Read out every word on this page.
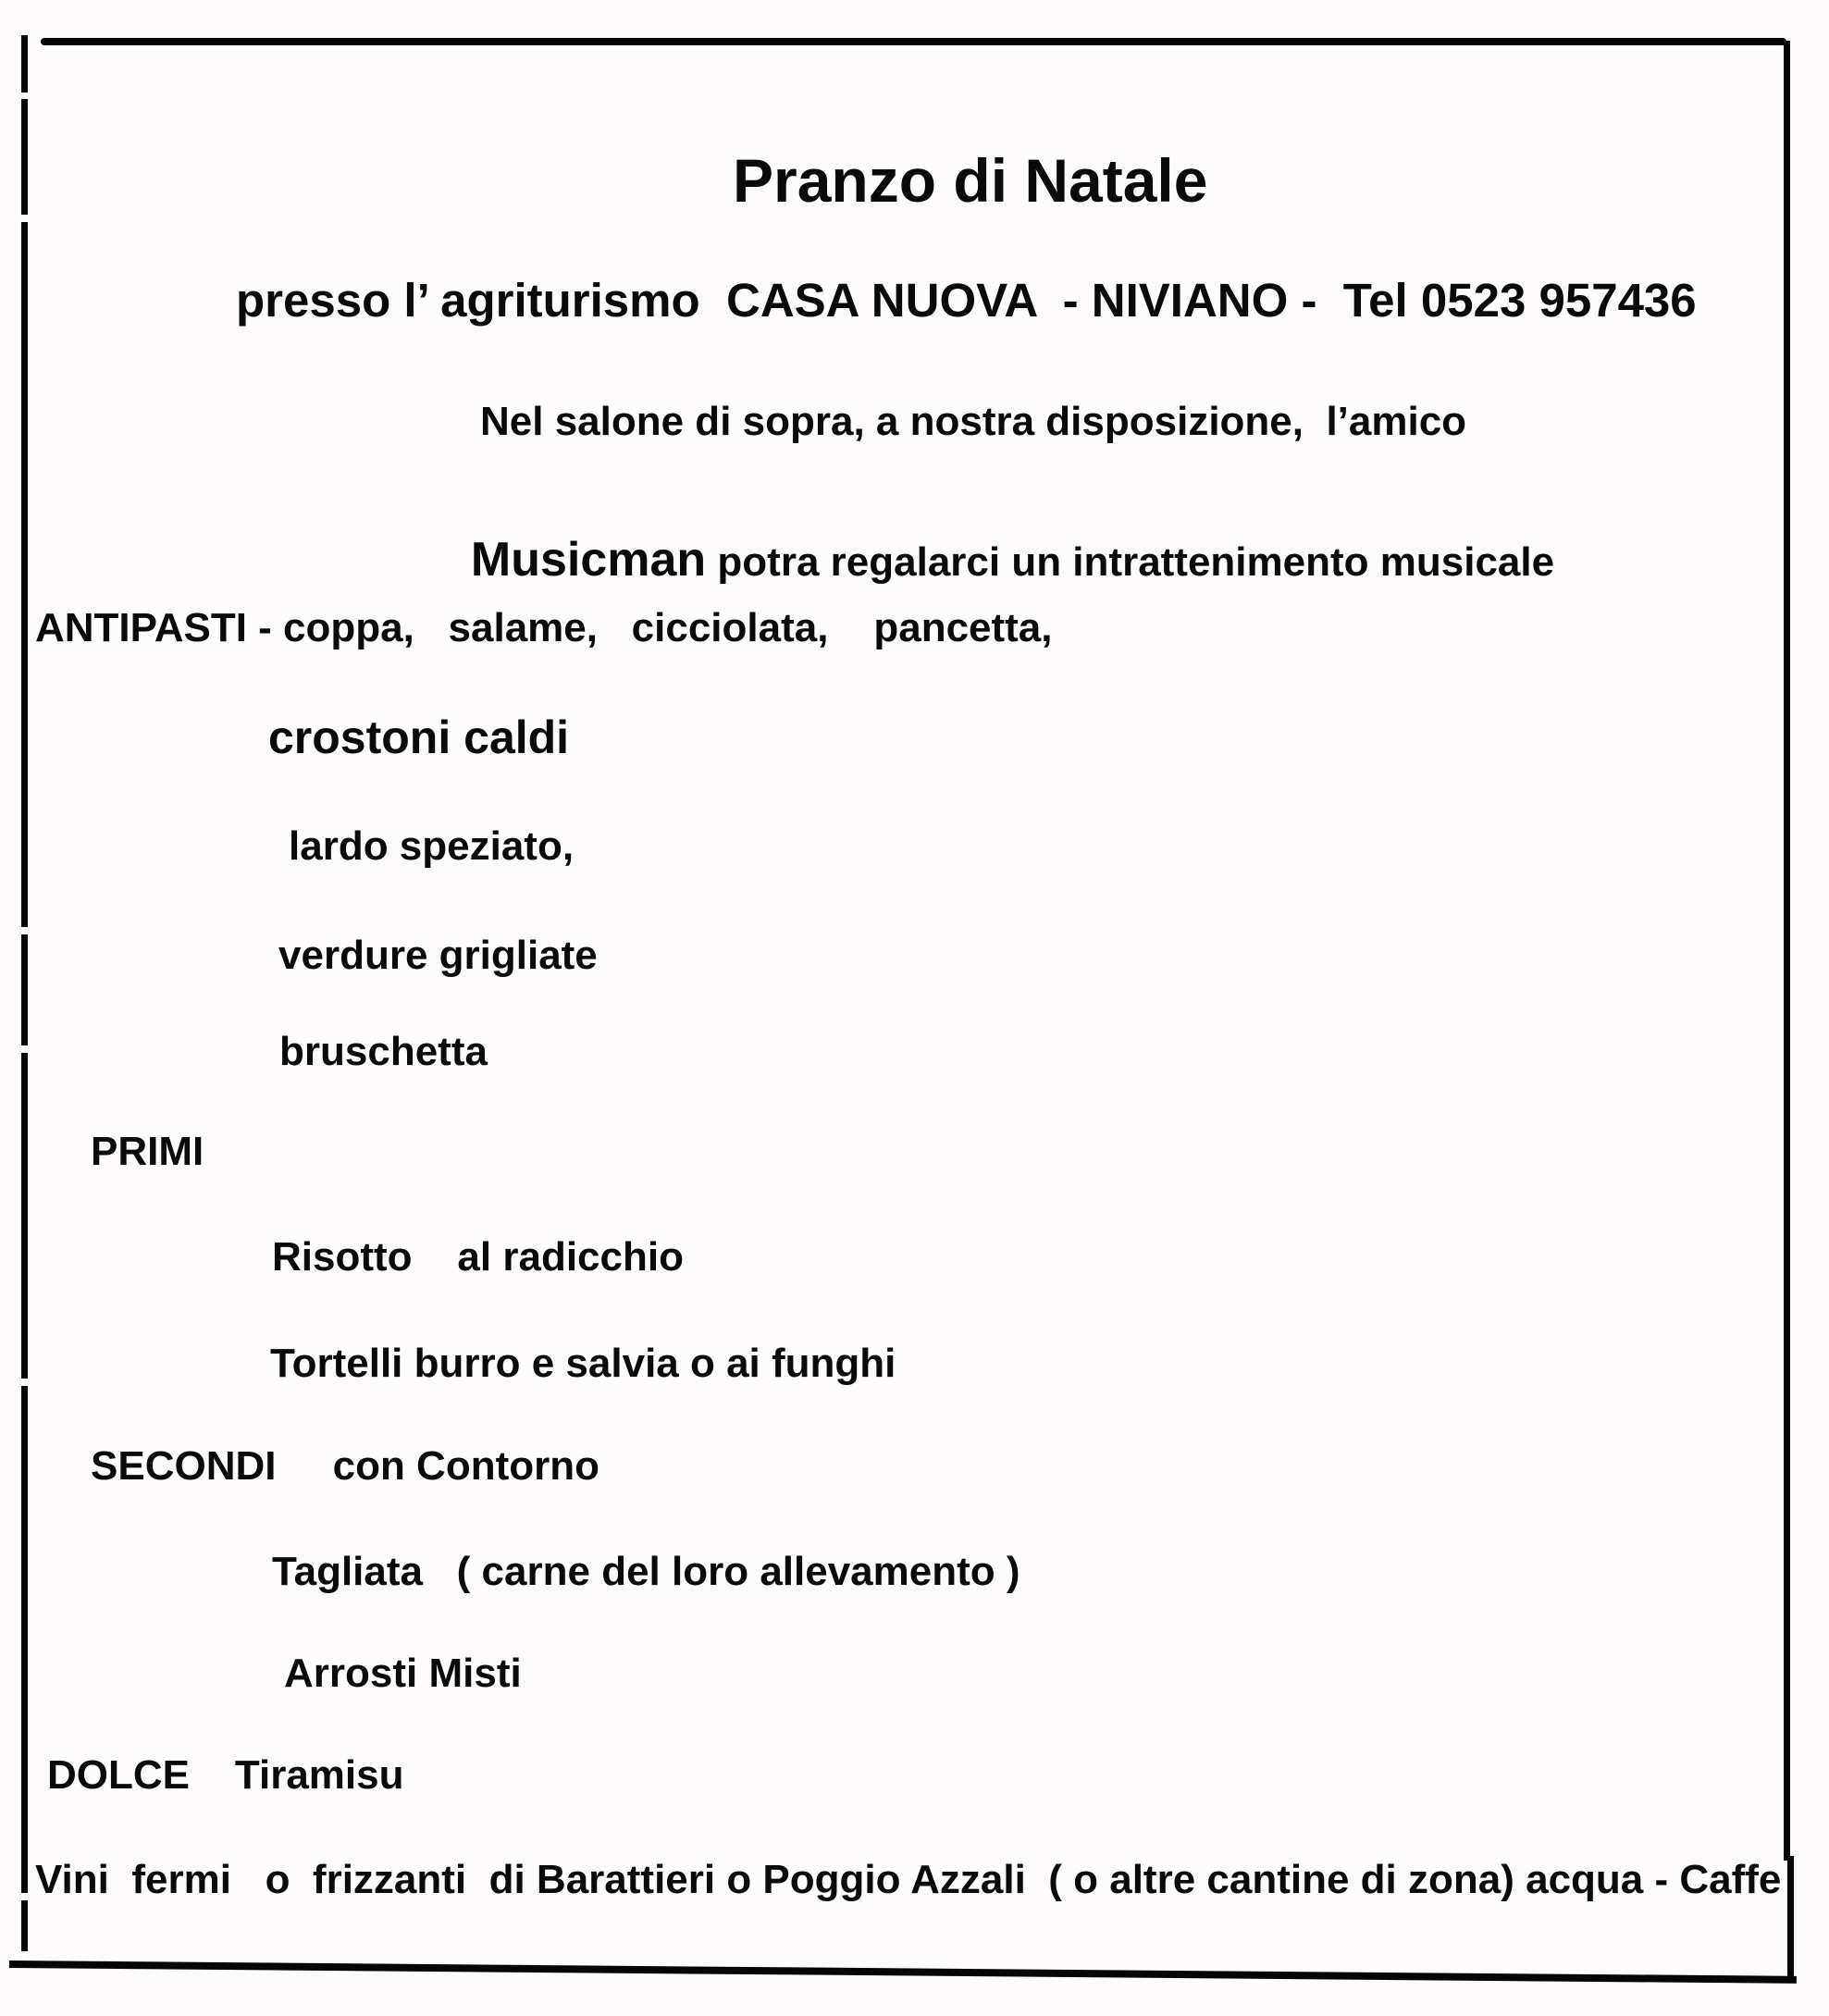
Pranzo di Natale
presso l’ agriturismo  CASA NUOVA  - NIVIANO -  Tel 0523 957436
Nel salone di sopra, a nostra disposizione,  l’amico

Musicman potra regalarci un intrattenimento musicale

ANTIPASTI - coppa,   salame,   cicciolata,    pancetta,
crostoni caldi
lardo speziato,
verdure grigliate
bruschetta
PRIMI
Risotto    al radicchio
Tortelli burro e salvia o ai funghi
SECONDI     con Contorno
Tagliata   ( carne del loro allevamento )
Arrosti Misti
DOLCE    Tiramisu
Vini  fermi   o  frizzanti  di Barattieri o Poggio Azzali  ( o altre cantine di zona) acqua - Caffe
